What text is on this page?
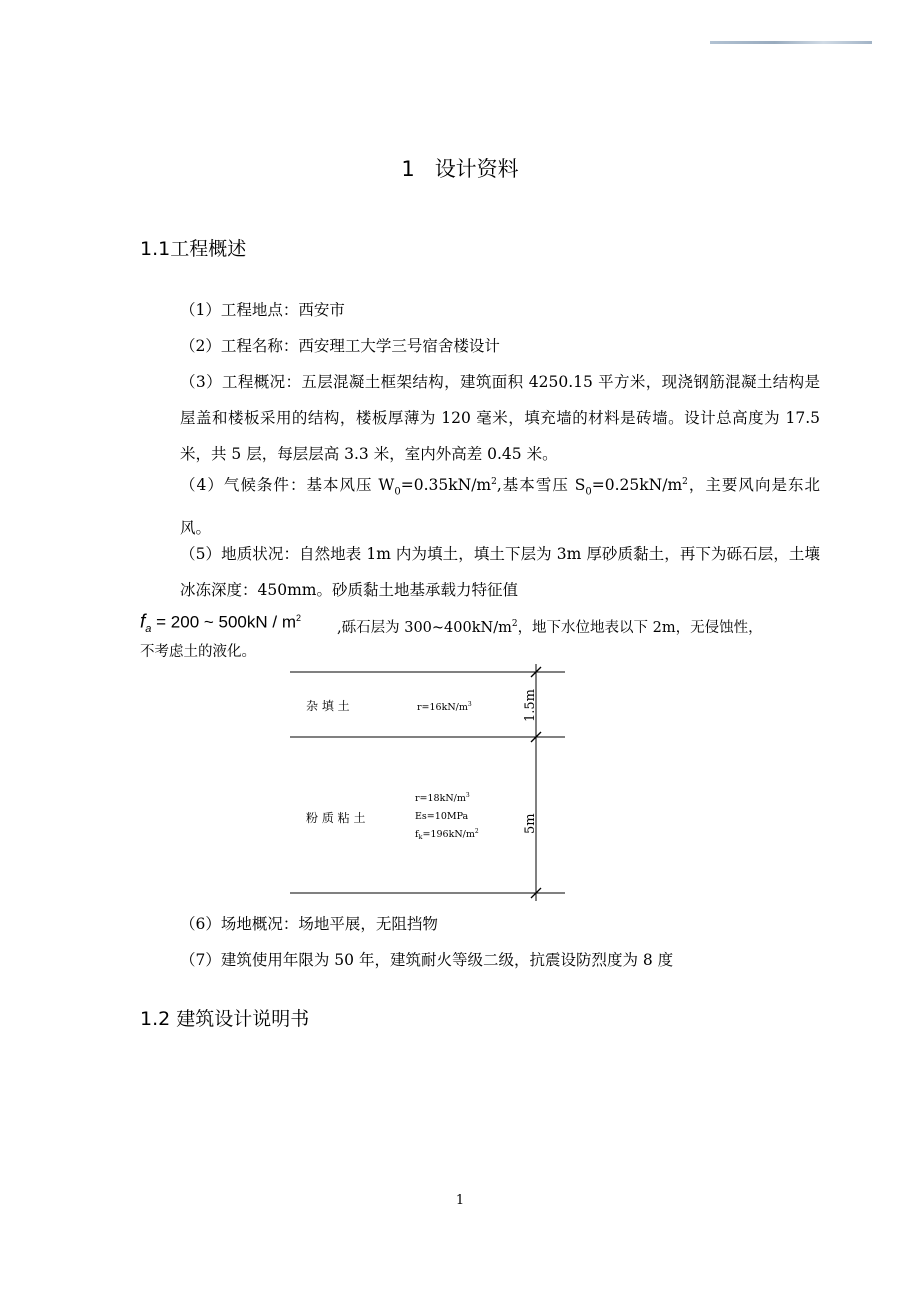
1 设计资料
1.1工程概述
（1）工程地点：西安市
（2）工程名称：西安理工大学三号宿舍楼设计
（3）工程概况：五层混凝土框架结构，建筑面积 4250.15 平方米，现浇钢筋混凝土结构是屋盖和楼板采用的结构，楼板厚薄为 120 毫米，填充墙的材料是砖墙。设计总高度为 17.5 米，共 5 层，每层层高 3.3 米，室内外高差 0.45 米。
（4）气候条件：基本风压 $W_0=0.35kN/m^2$,基本雪压 $S_0=0.25kN/m^2$，主要风向是东北风。
（5）地质状况：自然地表 1m 内为填土，填土下层为 3m 厚砂质黏土，再下为砾石层，土壤冰冻深度：450mm。砂质黏土地基承载力特征值
$f_a = 200$ ~ $500kN / m^2$
,砾石层为 $300\sim 400kN/m^2$，地下水位地表以下 2m，无侵蚀性，
不考虑土的液化。
杂 填 土	$r=16kN/m^3$	1.5m
粉 质 粘 土
$r=18kN/m^3$
Es=10MPa
$f_k=196kN/m^2$	5m
（6）场地概况：场地平展，无阻挡物
（7）建筑使用年限为 50 年，建筑耐火等级二级，抗震设防烈度为 8 度
1.2 建筑设计说明书
1
